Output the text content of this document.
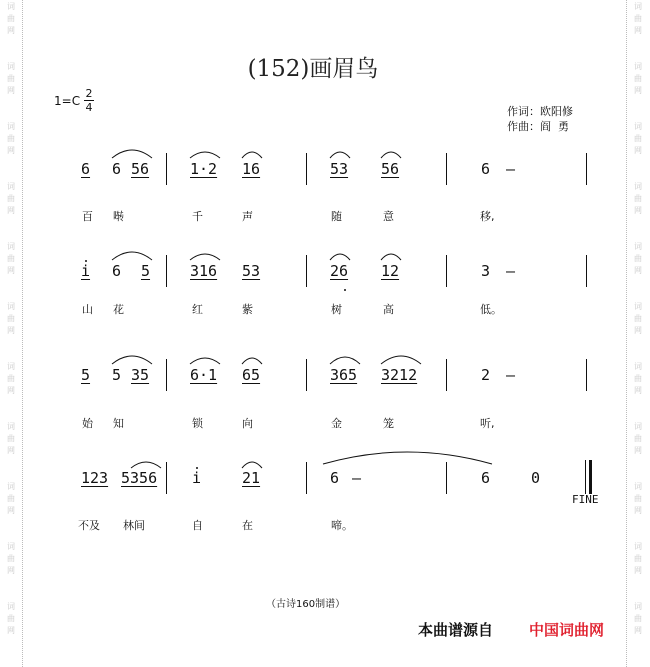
词
曲
网
词
曲
网
词
曲
网
词
曲
网
词
曲
网
词
曲
网
词
曲
网
词
曲
网
词
曲
网
词
曲
网
词
曲
网
词
曲
网
词
曲
网
词
曲
网
词
曲
网
词
曲
网
词
曲
网
词
曲
网
词
曲
网
词
曲
网
词
曲
网
词
曲
网
(152)画眉鸟
1=C
2
4	作词：欧阳修
作曲：阎  勇
6 6 56	1·2 16	53 56	6 –
百 啭	千	声	随	意	移,
i 6 5	316 53	26 12	3 –
山 花	红	紫	树	高	低。
5 5 35	6·1 65	365 3212	2 –
始 知	锁	向	金	笼	听,
123 5356 i	21	6 –	6	0
FINE
不及 林间	自	在	啼。
（古诗160制谱）
本曲谱源自 中国词曲网
